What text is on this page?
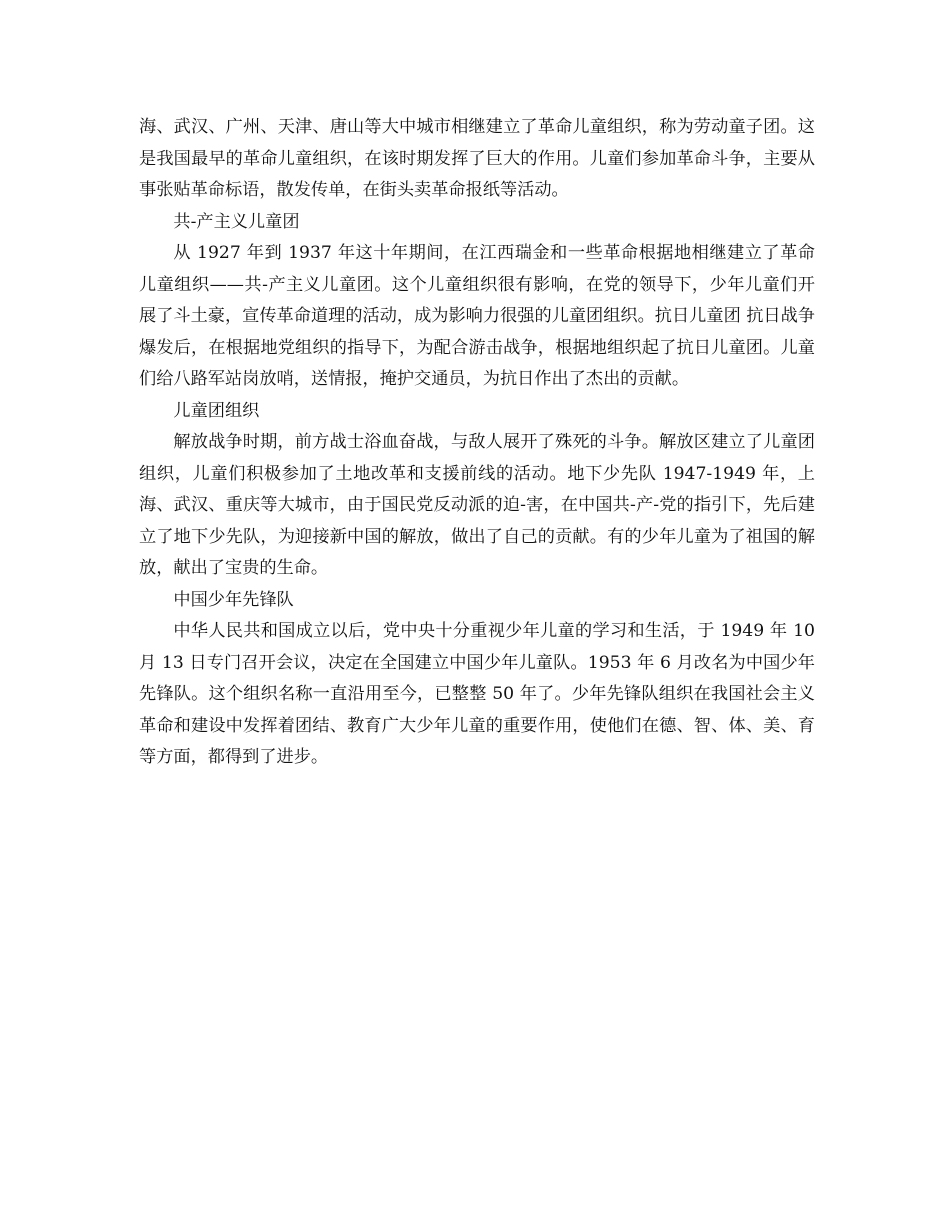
海、武汉、广州、天津、唐山等大中城市相继建立了革命儿童组织，称为劳动童子团。这是我国最早的革命儿童组织，在该时期发挥了巨大的作用。儿童们参加革命斗争，主要从事张贴革命标语，散发传单，在街头卖革命报纸等活动。

共-产主义儿童团

从 1927 年到 1937 年这十年期间，在江西瑞金和一些革命根据地相继建立了革命儿童组织——共-产主义儿童团。这个儿童组织很有影响，在党的领导下，少年儿童们开展了斗土豪，宣传革命道理的活动，成为影响力很强的儿童团组织。抗日儿童团 抗日战争爆发后，在根据地党组织的指导下，为配合游击战争，根据地组织起了抗日儿童团。儿童们给八路军站岗放哨，送情报，掩护交通员，为抗日作出了杰出的贡献。

儿童团组织

解放战争时期，前方战士浴血奋战，与敌人展开了殊死的斗争。解放区建立了儿童团组织，儿童们积极参加了土地改革和支援前线的活动。地下少先队 1947-1949 年，上海、武汉、重庆等大城市，由于国民党反动派的迫-害，在中国共-产-党的指引下，先后建立了地下少先队，为迎接新中国的解放，做出了自己的贡献。有的少年儿童为了祖国的解放，献出了宝贵的生命。

中国少年先锋队

中华人民共和国成立以后，党中央十分重视少年儿童的学习和生活，于 1949 年 10 月 13 日专门召开会议，决定在全国建立中国少年儿童队。1953 年 6 月改名为中国少年先锋队。这个组织名称一直沿用至今，已整整 50 年了。少年先锋队组织在我国社会主义革命和建设中发挥着团结、教育广大少年儿童的重要作用，使他们在德、智、体、美、育等方面，都得到了进步。
